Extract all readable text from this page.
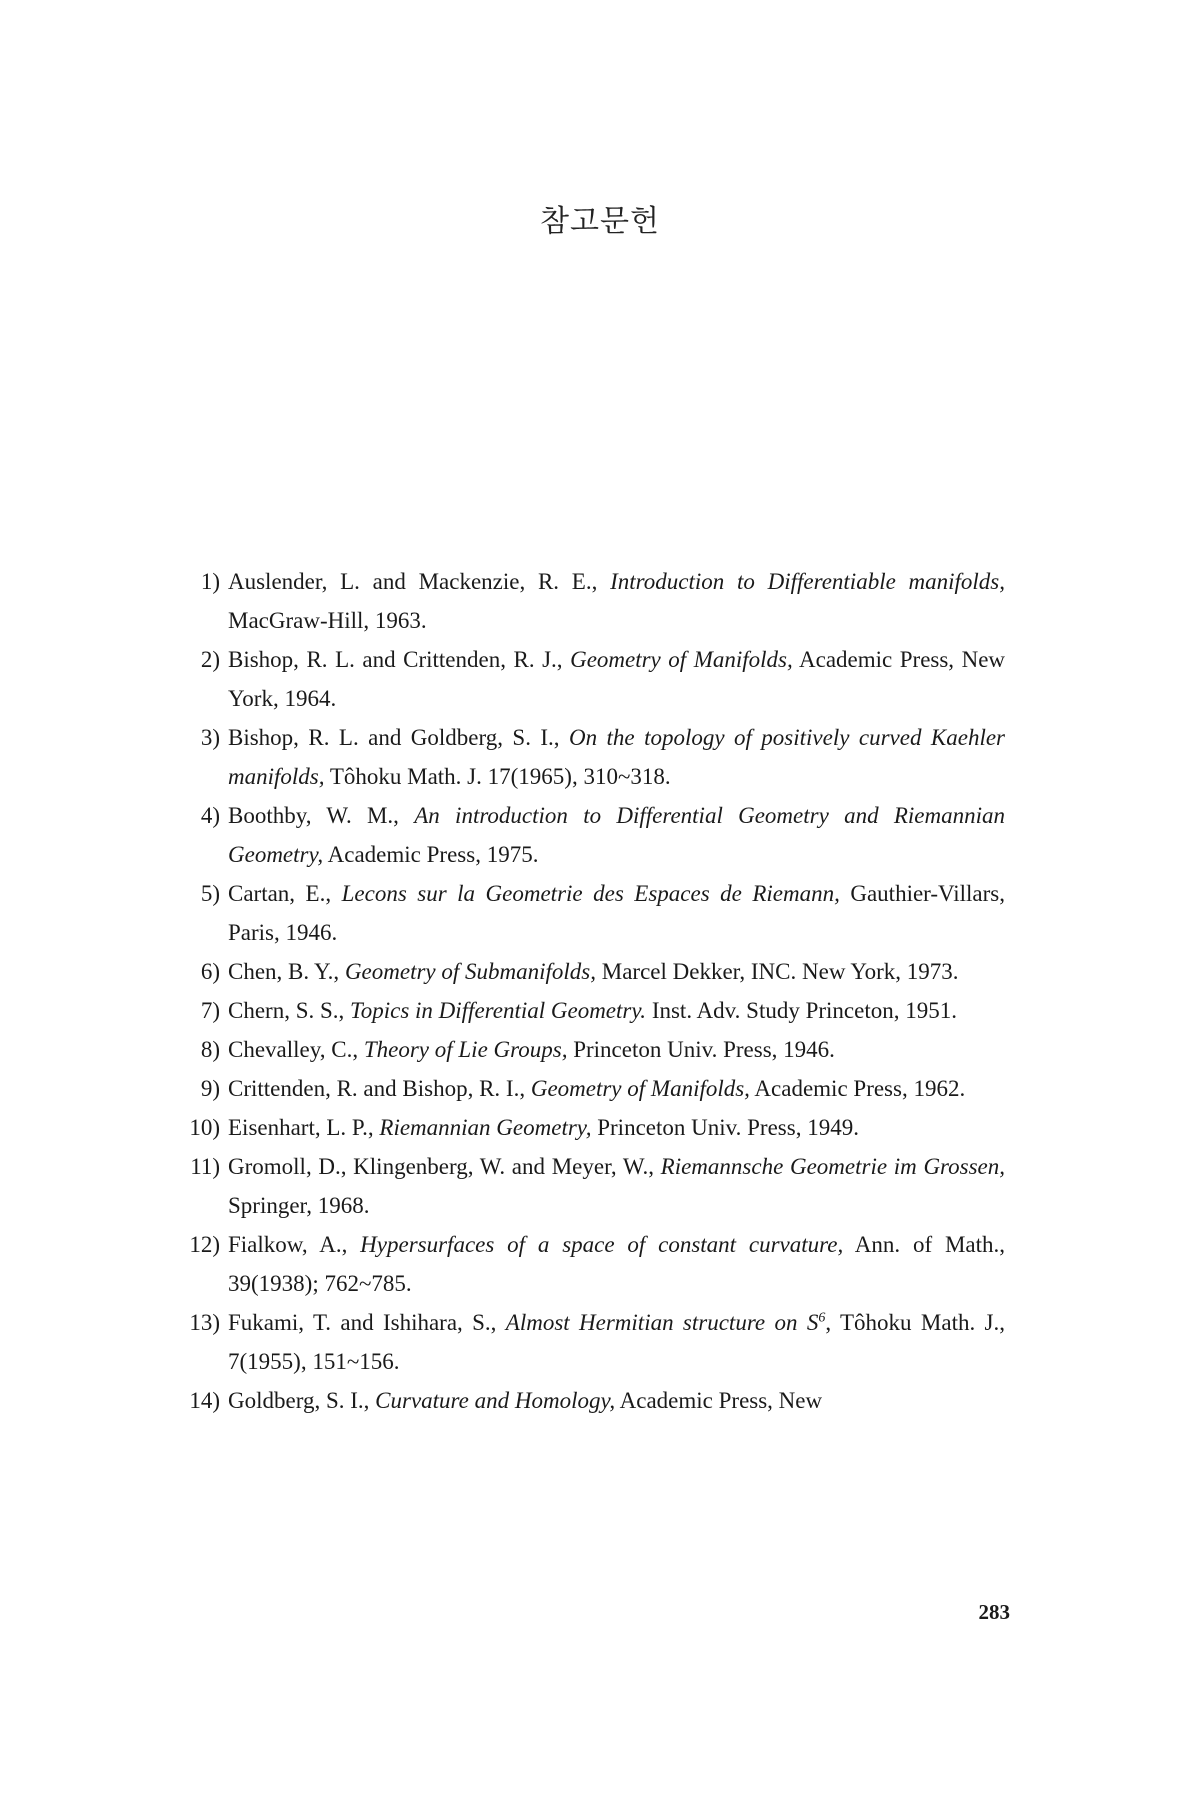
참고문헌
1) Auslender, L. and Mackenzie, R. E., Introduction to Differentiable manifolds, MacGraw-Hill, 1963.
2) Bishop, R. L. and Crittenden, R. J., Geometry of Manifolds, Academic Press, New York, 1964.
3) Bishop, R. L. and Goldberg, S. I., On the topology of positively curved Kaehler manifolds, Tôhoku Math. J. 17(1965), 310~318.
4) Boothby, W. M., An introduction to Differential Geometry and Riemannian Geometry, Academic Press, 1975.
5) Cartan, E., Lecons sur la Geometrie des Espaces de Riemann, Gauthier-Villars, Paris, 1946.
6) Chen, B. Y., Geometry of Submanifolds, Marcel Dekker, INC. New York, 1973.
7) Chern, S. S., Topics in Differential Geometry. Inst. Adv. Study Princeton, 1951.
8) Chevalley, C., Theory of Lie Groups, Princeton Univ. Press, 1946.
9) Crittenden, R. and Bishop, R. I., Geometry of Manifolds, Academic Press, 1962.
10) Eisenhart, L. P., Riemannian Geometry, Princeton Univ. Press, 1949.
11) Gromoll, D., Klingenberg, W. and Meyer, W., Riemannsche Geometrie im Grossen, Springer, 1968.
12) Fialkow, A., Hypersurfaces of a space of constant curvature, Ann. of Math., 39(1938); 762~785.
13) Fukami, T. and Ishihara, S., Almost Hermitian structure on $S^6$, Tôhoku Math. J., 7(1955), 151~156.
14) Goldberg, S. I., Curvature and Homology, Academic Press, New
283
